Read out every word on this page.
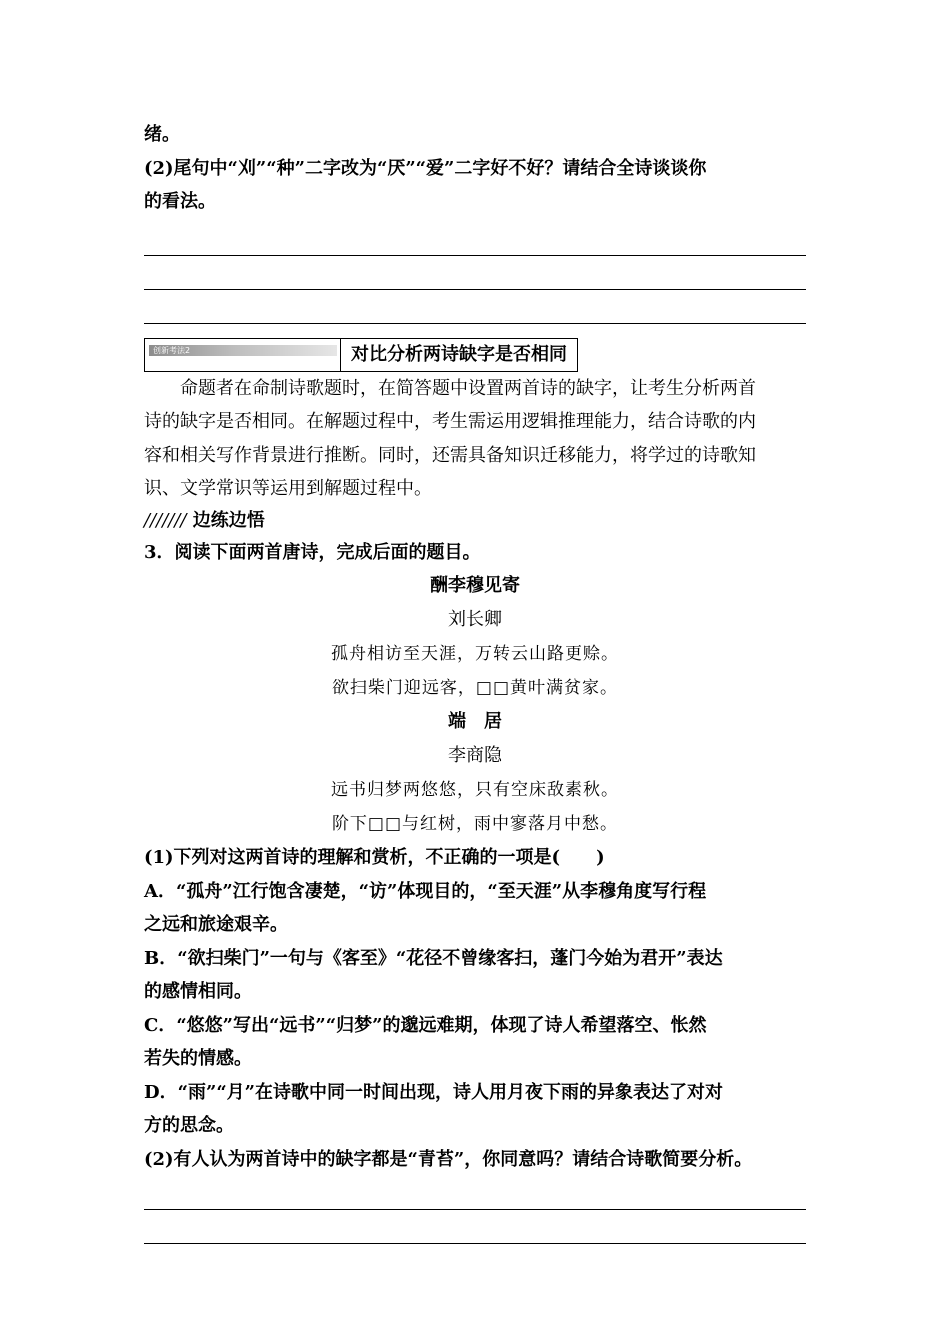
绪。
(2)尾句中“刈”“种”二字改为“厌”“爱”二字好不好？请结合全诗谈谈你
的看法。
创新考法2	对比分析两诗缺字是否相同
命题者在命制诗歌题时，在简答题中设置两首诗的缺字，让考生分析两首
诗的缺字是否相同。在解题过程中，考生需运用逻辑推理能力，结合诗歌的内
容和相关写作背景进行推断。同时，还需具备知识迁移能力，将学过的诗歌知
识、文学常识等运用到解题过程中。
/////// 边练边悟
3．阅读下面两首唐诗，完成后面的题目。
酬李穆见寄
刘长卿
孤舟相访至天涯，万转云山路更赊。
欲扫柴门迎远客，□□黄叶满贫家。
端　居
李商隐
远书归梦两悠悠，只有空床敌素秋。
阶下□□与红树，雨中寥落月中愁。
(1)下列对这两首诗的理解和赏析，不正确的一项是(　　)
A．“孤舟”江行饱含凄楚，“访”体现目的，“至天涯”从李穆角度写行程
之远和旅途艰辛。
B．“欲扫柴门”一句与《客至》“花径不曾缘客扫，蓬门今始为君开”表达
的感情相同。
C．“悠悠”写出“远书”“归梦”的邈远难期，体现了诗人希望落空、怅然
若失的情感。
D．“雨”“月”在诗歌中同一时间出现，诗人用月夜下雨的异象表达了对对
方的思念。
(2)有人认为两首诗中的缺字都是“青苔”，你同意吗？请结合诗歌简要分析。
